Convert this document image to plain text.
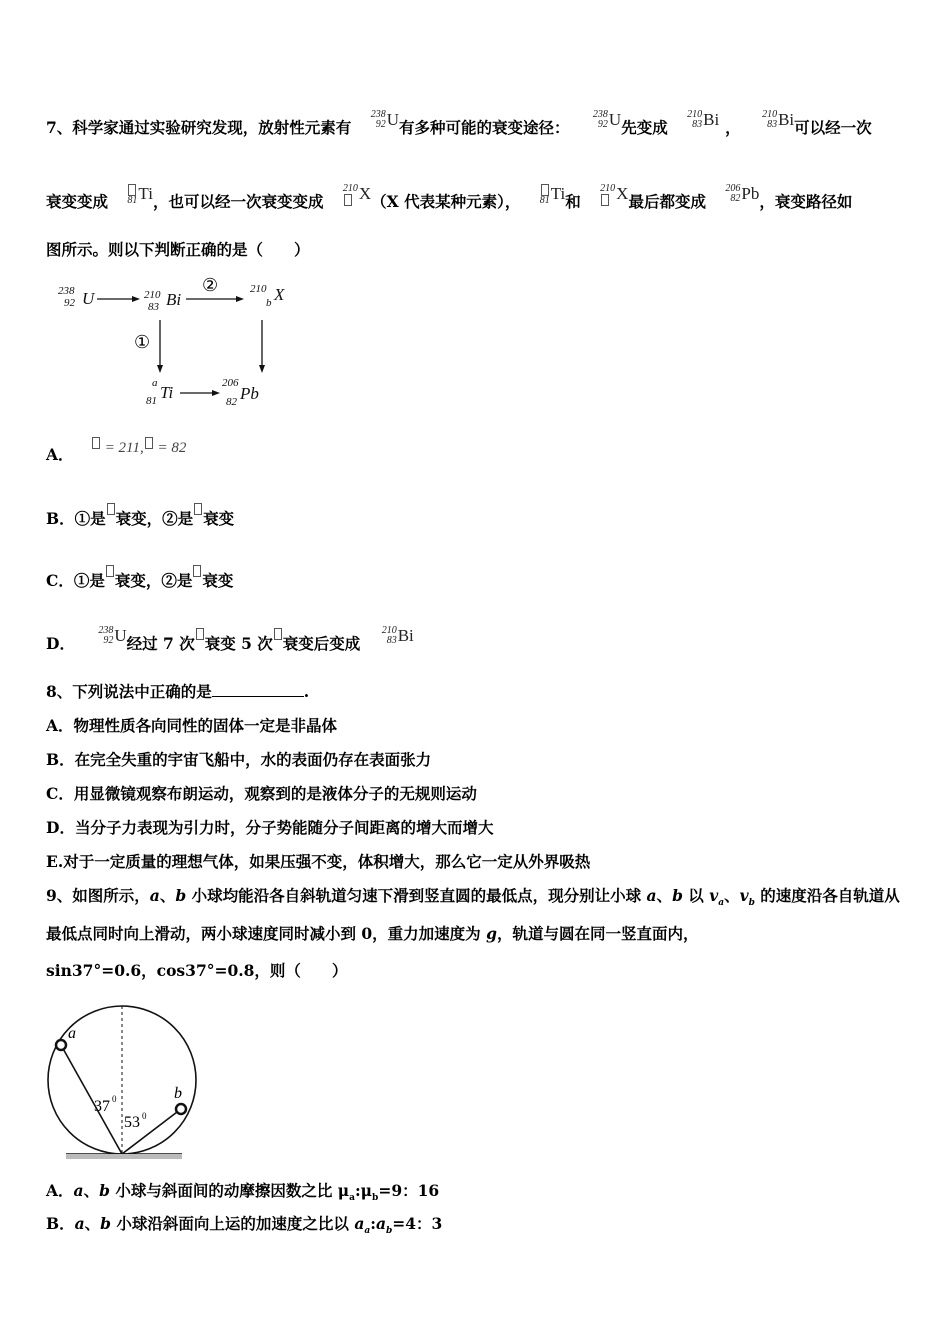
7、科学家通过实验研究发现，放射性元素有
238
92 U有多种可能的衰变途径：
238
92 U先变成
210
83 Bi ，
210
83 Bi可以经一次
衰变变成 81 Ti，也可以经一次衰变变成
210 X（X 代表某种元素）， 81 Ti和
210 X最后都变成
206
82 Pb，衰变路径如
图所示。则以下判断正确的是（　　）
238
92 U	210
83 Bi
210
b X
a
81 Ti	206
82 Pb
②
①
A． = 211, = 82
B．①是 衰变，②是 衰变
C．①是 衰变，②是 衰变
D．
238
92 U经过 7 次 衰变 5 次 衰变后变成
210
83 Bi
8、下列说法中正确的是	.
A．物理性质各向同性的固体一定是非晶体
B．在完全失重的宇宙飞船中，水的表面仍存在表面张力
C．用显微镜观察布朗运动，观察到的是液体分子的无规则运动
D．当分子力表现为引力时，分子势能随分子间距离的增大而增大
E.对于一定质量的理想气体，如果压强不变，体积增大，那么它一定从外界吸热
9、如图所示，a、b 小球均能沿各自斜轨道匀速下滑到竖直圆的最低点，现分别让小球 a、b 以 $v_a$、$v_b$ 的速度沿各自轨道从
最低点同时向上滑动，两小球速度同时减小到 0，重力加速度为 g，轨道与圆在同一竖直面内，
sin37°=0.6，cos37°=0.8，则（　　）
a
b
37 0
53 0
A．a、b 小球与斜面间的动摩擦因数之比 $\mu_a:\mu_b=9$：16
B．a、b 小球沿斜面向上运的加速度之比以 $a_a:a_b=4$：3
